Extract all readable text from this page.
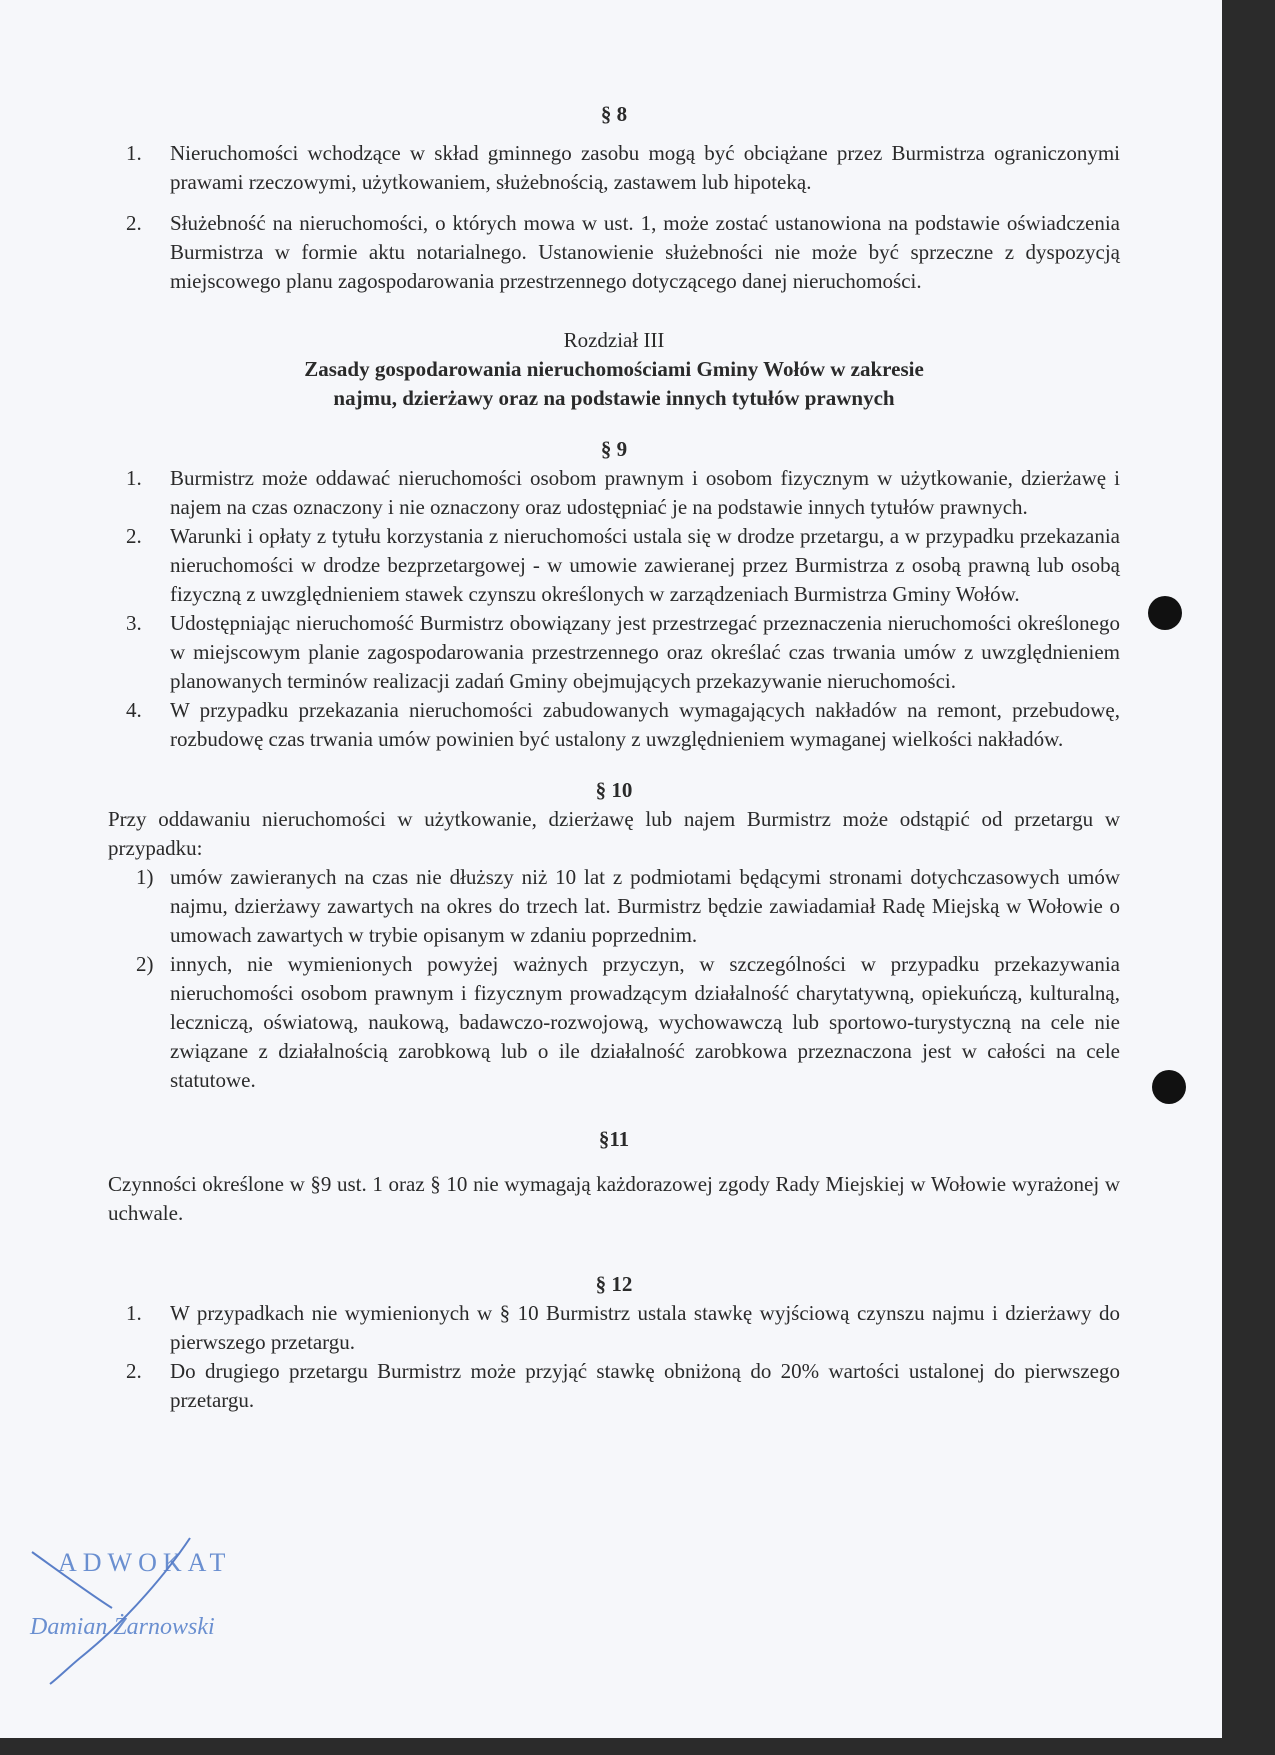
§ 8

1. Nieruchomości wchodzące w skład gminnego zasobu mogą być obciążane przez Burmistrza ograniczonymi prawami rzeczowymi, użytkowaniem, służebnością, zastawem lub hipoteką.
2. Służebność na nieruchomości, o których mowa w ust. 1, może zostać ustanowiona na podstawie oświadczenia Burmistrza w formie aktu notarialnego. Ustanowienie służebności nie może być sprzeczne z dyspozycją miejscowego planu zagospodarowania przestrzennego dotyczącego danej nieruchomości.

Rozdział III

Zasady gospodarowania nieruchomościami Gminy Wołów w zakresie

najmu, dzierżawy oraz na podstawie innych tytułów prawnych

§ 9

1. Burmistrz może oddawać nieruchomości osobom prawnym i osobom fizycznym w użytkowanie, dzierżawę i najem na czas oznaczony i nie oznaczony oraz udostępniać je na podstawie innych tytułów prawnych.
2. Warunki i opłaty z tytułu korzystania z nieruchomości ustala się w drodze przetargu, a w przypadku przekazania nieruchomości w drodze bezprzetargowej - w umowie zawieranej przez Burmistrza z osobą prawną lub osobą fizyczną z uwzględnieniem stawek czynszu określonych w zarządzeniach Burmistrza Gminy Wołów.
3. Udostępniając nieruchomość Burmistrz obowiązany jest przestrzegać przeznaczenia nieruchomości określonego w miejscowym planie zagospodarowania przestrzennego oraz określać czas trwania umów z uwzględnieniem planowanych terminów realizacji zadań Gminy obejmujących przekazywanie nieruchomości.
4. W przypadku przekazania nieruchomości zabudowanych wymagających nakładów na remont, przebudowę, rozbudowę czas trwania umów powinien być ustalony z uwzględnieniem wymaganej wielkości nakładów.

§ 10

Przy oddawaniu nieruchomości w użytkowanie, dzierżawę lub najem Burmistrz może odstąpić od przetargu w przypadku:

1) umów zawieranych na czas nie dłuższy niż 10 lat z podmiotami będącymi stronami dotychczasowych umów najmu, dzierżawy zawartych na okres do trzech lat. Burmistrz będzie zawiadamiał Radę Miejską w Wołowie o umowach zawartych w trybie opisanym w zdaniu poprzednim.
2) innych, nie wymienionych powyżej ważnych przyczyn, w szczególności w przypadku przekazywania nieruchomości osobom prawnym i fizycznym prowadzącym działalność charytatywną, opiekuńczą, kulturalną, leczniczą, oświatową, naukową, badawczo-rozwojową, wychowawczą lub sportowo-turystyczną na cele nie związane z działalnością zarobkową lub o ile działalność zarobkowa przeznaczona jest w całości na cele statutowe.

§11

Czynności określone w §9 ust. 1 oraz § 10 nie wymagają każdorazowej zgody Rady Miejskiej w Wołowie wyrażonej w uchwale.

§ 12

1. W przypadkach nie wymienionych w § 10 Burmistrz ustala stawkę wyjściową czynszu najmu i dzierżawy do pierwszego przetargu.
2. Do drugiego przetargu Burmistrz może przyjąć stawkę obniżoną do 20% wartości ustalonej do pierwszego przetargu.
ADWOKAT
Damian Żarnowski
